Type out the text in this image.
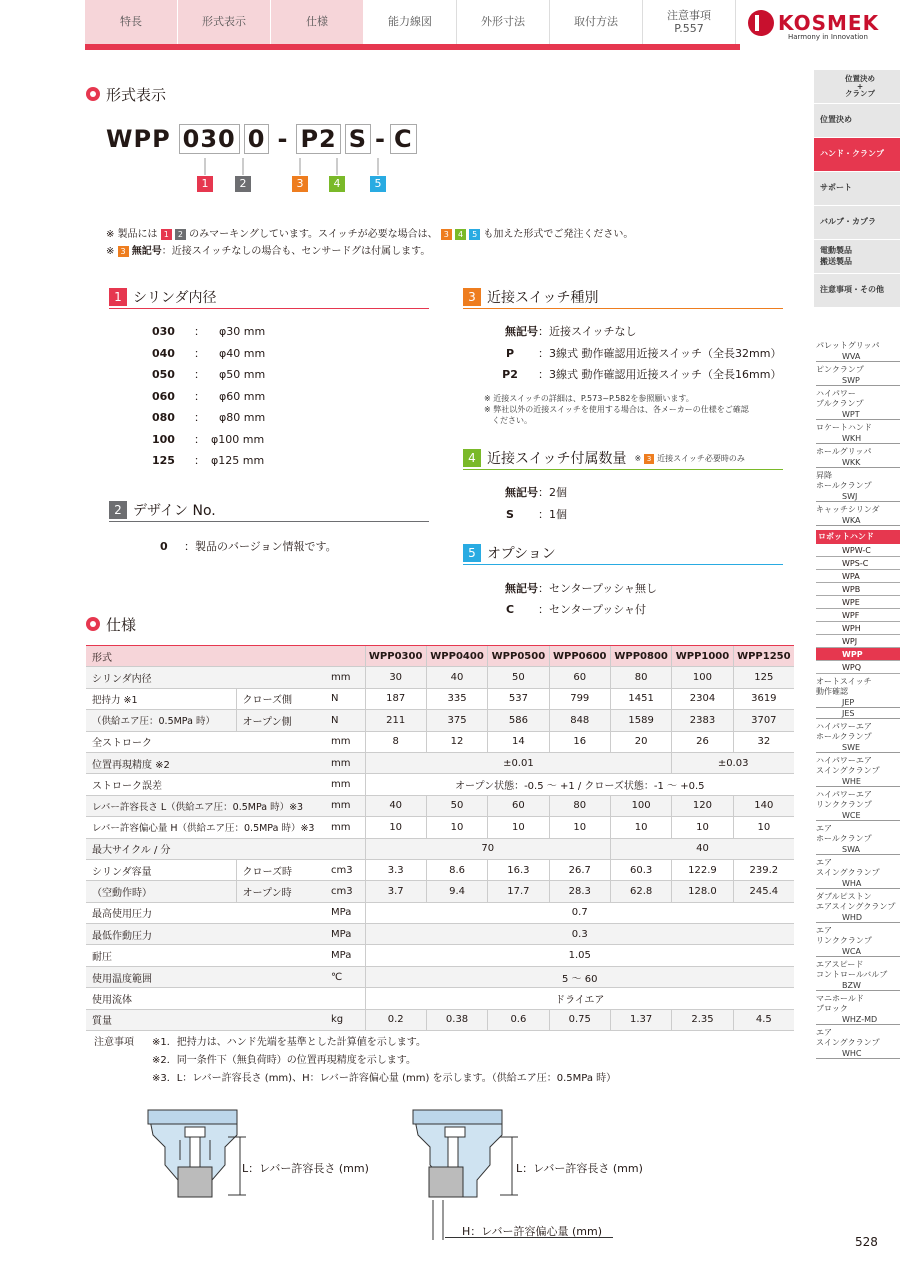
特長	形式表示	仕様	能力線図	外形寸法	取付方法
注意事項
P.557	KOSMEK
Harmony in Innovation
位置決め
+
クランプ
位置決め
ハンド・クランプ
サポート
バルブ・カプラ
電動製品
搬送製品
注意事項・その他
パレットグリッパ
WVA
ピンクランプ
SWP
ハイパワー
プルクランプ
WPT
ロケートハンド
WKH
ホールグリッパ
WKK
昇降
ホールクランプ
SWJ
キャッチシリンダ
WKA
ロボットハンド
WPW-C
WPS-C
WPA
WPB
WPE
WPF
WPH
WPJ
WPP
WPQ
オートスイッチ
動作確認
JEP
JES
ハイパワーエア
ホールクランプ
SWE
ハイパワーエア
スイングクランプ
WHE
ハイパワーエア
リンククランプ
WCE
エア
ホールクランプ
SWA
エア
スイングクランプ
WHA
ダブルピストン
エアスイングクランプ
WHD
エア
リンククランプ
WCA
エアスピード
コントロールバルブ
BZW
マニホールド
ブロック
WHZ-MD
エア
スイングクランプ
WHC
528
形式表示
WPP 030 0 - P2 S - C
1	2	3	4	5
※ 製品には 1 2 のみマーキングしています。スイッチが必要な場合は、 3 4 5 も加えた形式でご発注ください。
※ 3 無記号：近接スイッチなしの場合も、センサードグは付属します。
1 シリンダ内径
030 ： φ30 mm
040 ： φ40 mm
050 ： φ50 mm
060 ： φ60 mm
080 ： φ80 mm
100 ： φ100 mm
125 ： φ125 mm
2 デザイン No.
0 ：製品のバージョン情報です。
3 近接スイッチ種別
無記号：近接スイッチなし
P ：3線式 動作確認用近接スイッチ（全長32mm）
P2 ：3線式 動作確認用近接スイッチ（全長16mm）
※ 近接スイッチの詳細は、P.573~P.582を参照願います。
※ 弊社以外の近接スイッチを使用する場合は、各メーカーの仕様をご確認
　ください。
4 近接スイッチ付属数量 ※ 3 近接スイッチ必要時のみ
無記号：2個
S ：1個
5 オプション
無記号：センタープッシャ無し
C ：センタープッシャ付
仕様
形式			WPP0300	WPP0400	WPP0500	WPP0600	WPP0800	WPP1000	WPP1250
シリンダ内径		mm	30	40	50	60	80	100	125
把持力 ※1	クローズ側	N	187	335	537	799	1451	2304	3619
（供給エア圧：0.5MPa 時）	オープン側	N	211	375	586	848	1589	2383	3707
全ストローク		mm	8	12	14	16	20	26	32
位置再現精度 ※2		mm	±0.01					±0.03	
ストローク誤差		mm	オープン状態：-0.5 ～ +1 / クローズ状態：-1 ～ +0.5						
レバー許容長さ L（供給エア圧：0.5MPa 時）※3		mm	40	50	60	80	100	120	140
レバー許容偏心量 H（供給エア圧：0.5MPa 時）※3		mm	10	10	10	10	10	10	10
最大サイクル / 分			70				40		
シリンダ容量	クローズ時	cm3	3.3	8.6	16.3	26.7	60.3	122.9	239.2
（空動作時）	オープン時	cm3	3.7	9.4	17.7	28.3	62.8	128.0	245.4
最高使用圧力		MPa	0.7						
最低作動圧力		MPa	0.3						
耐圧		MPa	1.05						
使用温度範囲		℃	5 ～ 60						
使用流体			ドライエア						
質量		kg	0.2	0.38	0.6	0.75	1.37	2.35	4.5
注意事項 ※1．把持力は、ハンド先端を基準とした計算値を示します。
※2．同一条件下（無負荷時）の位置再現精度を示します。
※3．L：レバー許容長さ (mm)、H：レバー許容偏心量 (mm) を示します。（供給エア圧：0.5MPa 時）
L：レバー許容長さ (mm)	L：レバー許容長さ (mm)
H：レバー許容偏心量 (mm)
